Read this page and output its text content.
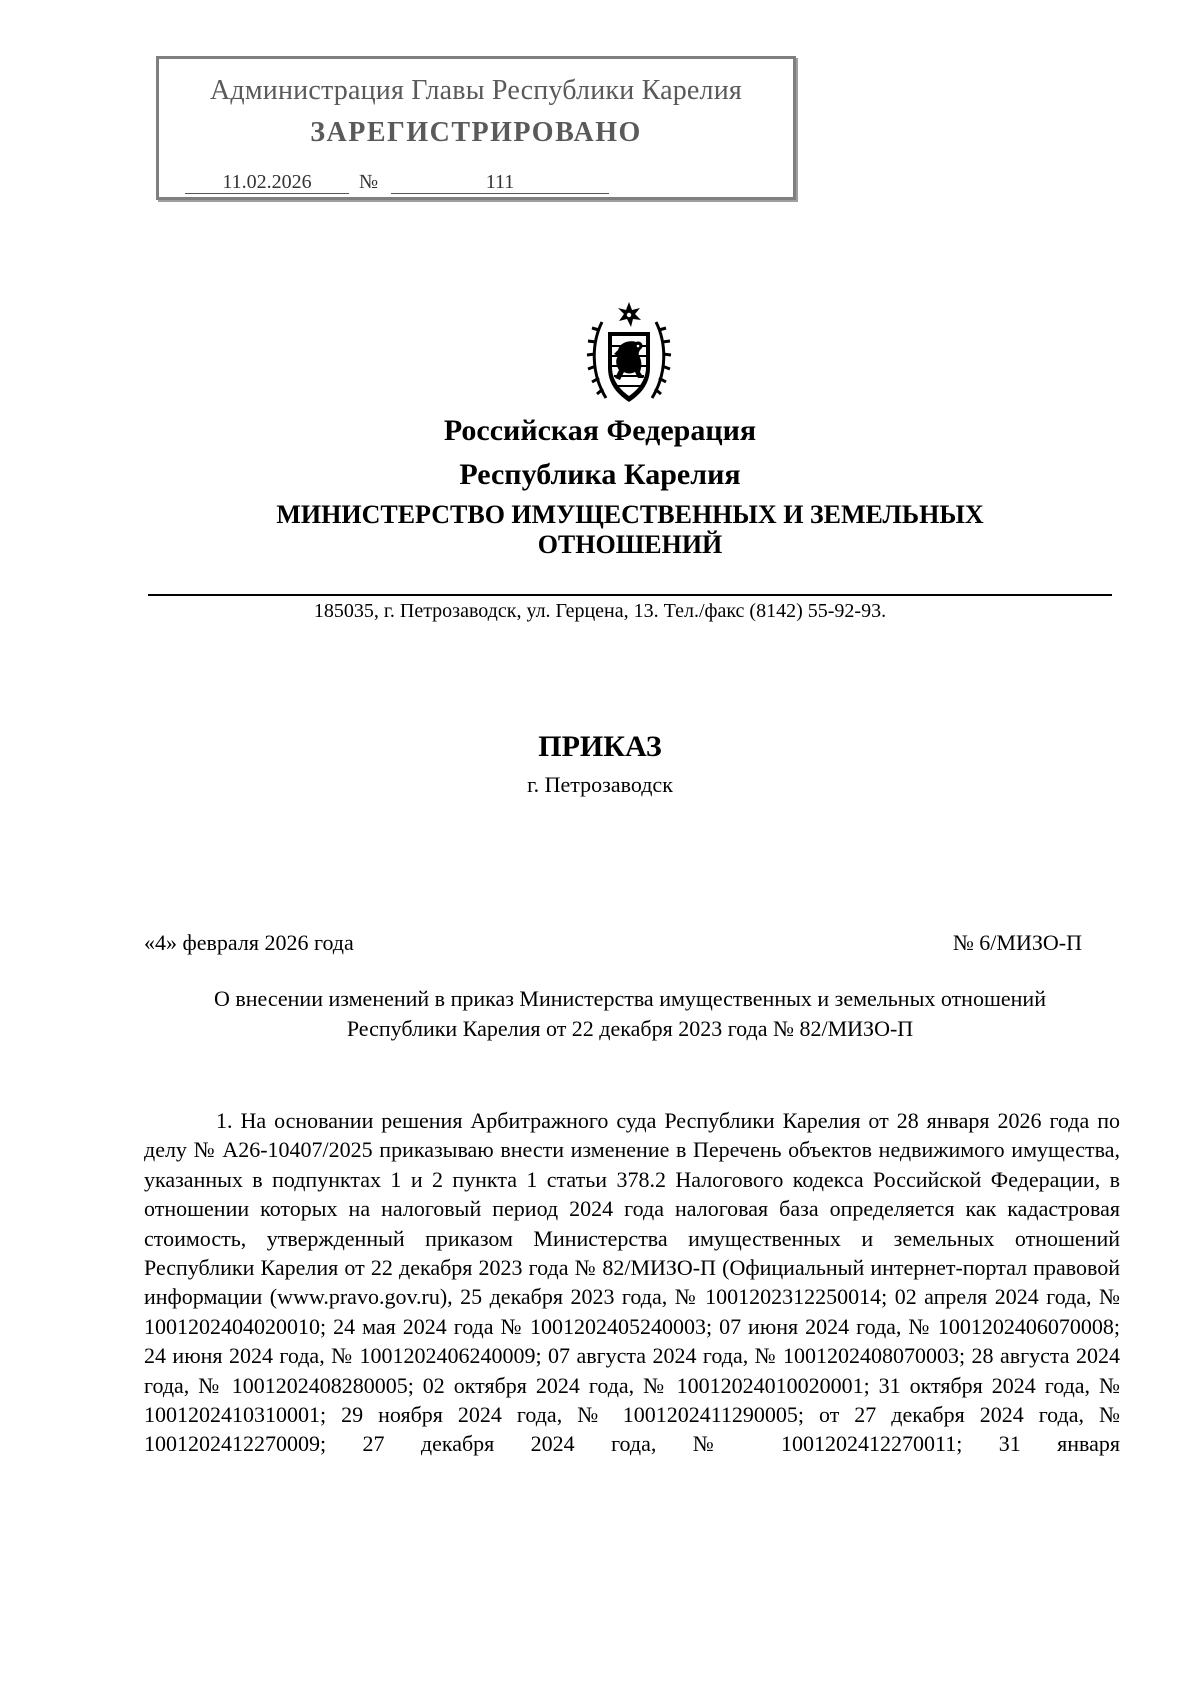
Администрация Главы Республики Карелия
ЗАРЕГИСТРИРОВАНО
11.02.2026	№	111
Российская Федерация
Республика Карелия
МИНИСТЕРСТВО ИМУЩЕСТВЕННЫХ И ЗЕМЕЛЬНЫХ ОТНОШЕНИЙ
185035, г. Петрозаводск, ул. Герцена, 13. Тел./факс (8142) 55-92-93.
ПРИКАЗ
г. Петрозаводск
«4» февраля 2026 года	№ 6/МИЗО-П
О внесении изменений в приказ Министерства имущественных и земельных отношений Республики Карелия от 22 декабря 2023 года № 82/МИЗО-П

1. На основании решения Арбитражного суда Республики Карелия от 28 января 2026 года по делу № А26-10407/2025 приказываю внести изменение в Перечень объектов недвижимого имущества, указанных в подпунктах 1 и 2 пункта 1 статьи 378.2 Налогового кодекса Российской Федерации, в отношении которых на налоговый период 2024 года налоговая база определяется как кадастровая стоимость, утвержденный приказом Министерства имущественных и земельных отношений Республики Карелия от 22 декабря 2023 года № 82/МИЗО-П (Официальный интернет-портал правовой информации (www.pravo.gov.ru), 25 декабря 2023 года, № 1001202312250014; 02 апреля 2024 года, № 1001202404020010; 24 мая 2024 года № 1001202405240003; 07 июня 2024 года, № 1001202406070008; 24 июня 2024 года, № 1001202406240009; 07 августа 2024 года, № 1001202408070003; 28 августа 2024 года, № 1001202408280005; 02 октября 2024 года, № 10012024010020001; 31 октября 2024 года, № 1001202410310001; 29 ноября 2024 года, № 1001202411290005; от 27 декабря 2024 года, № 1001202412270009; 27 декабря 2024 года, № 1001202412270011; 31 января
